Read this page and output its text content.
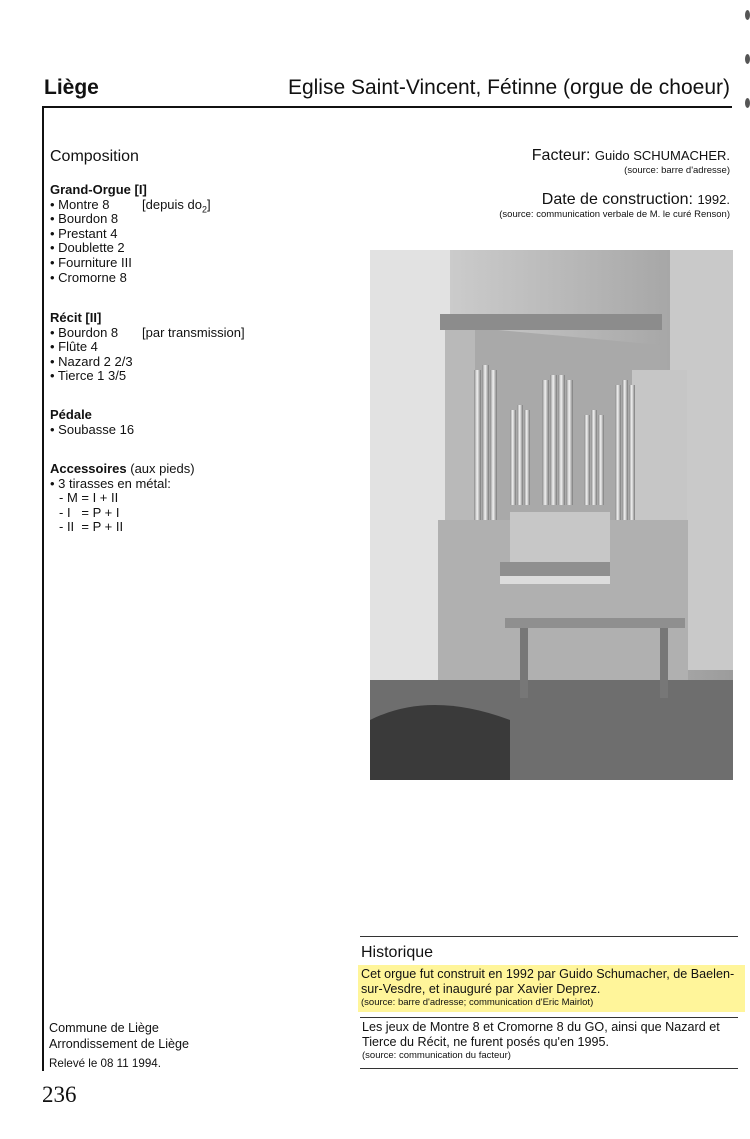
Liège	Eglise Saint-Vincent, Fétinne (orgue de choeur)
Composition
Grand-Orgue [I]
• Montre 8	[depuis $do_2$]
• Bourdon 8
• Prestant 4
• Doublette 2
• Fourniture III
• Cromorne 8
Récit [II]
• Bourdon 8 [par transmission]
• Flûte 4
• Nazard 2 2/3
• Tierce 1 3/5
Pédale
• Soubasse 16
Accessoires (aux pieds)
• 3 tirasses en métal:
- M = I + II
- I   = P + I
- II  = P + II
Facteur: Guido SCHUMACHER.
(source: barre d'adresse)
Date de construction: 1992.
(source: communication verbale de M. le curé Renson)
Historique
Cet orgue fut construit en 1992 par Guido Schumacher, de Baelen-sur-Vesdre, et inauguré par Xavier Deprez.
(source: barre d'adresse; communication d'Eric Mairlot)
Les jeux de Montre 8 et Cromorne 8 du GO, ainsi que Nazard et Tierce du Récit, ne furent posés qu'en 1995.
(source: communication du facteur)
Commune de Liège
Arrondissement de Liège
Relevé le 08 11 1994.
236
